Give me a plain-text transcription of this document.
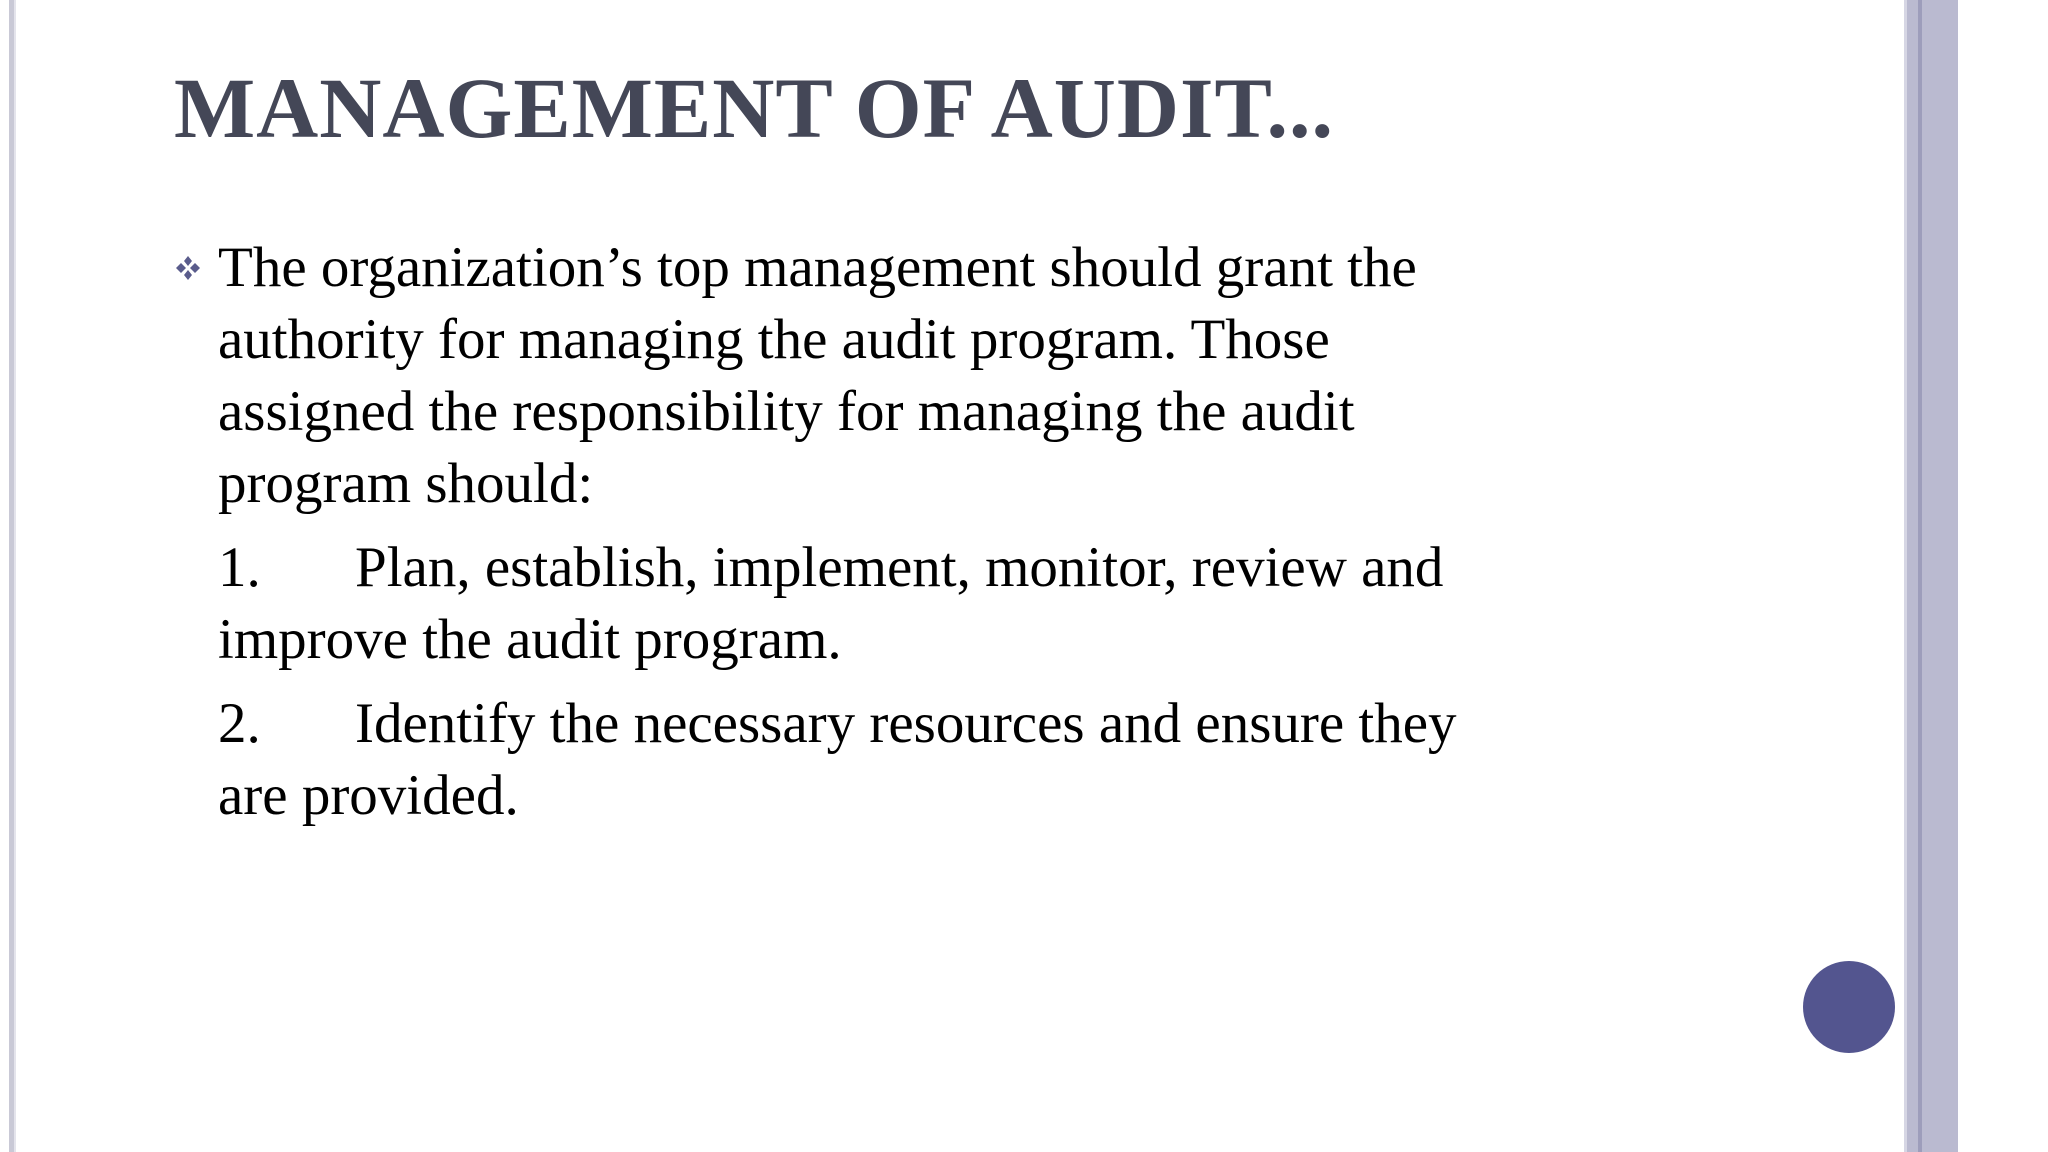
MANAGEMENT OF AUDIT...
The organization’s top management should grant the
authority for managing the audit program. Those
assigned the responsibility for managing the audit
program should:
1. Plan, establish, implement, monitor, review and
improve the audit program.
2. Identify the necessary resources and ensure they
are provided.
